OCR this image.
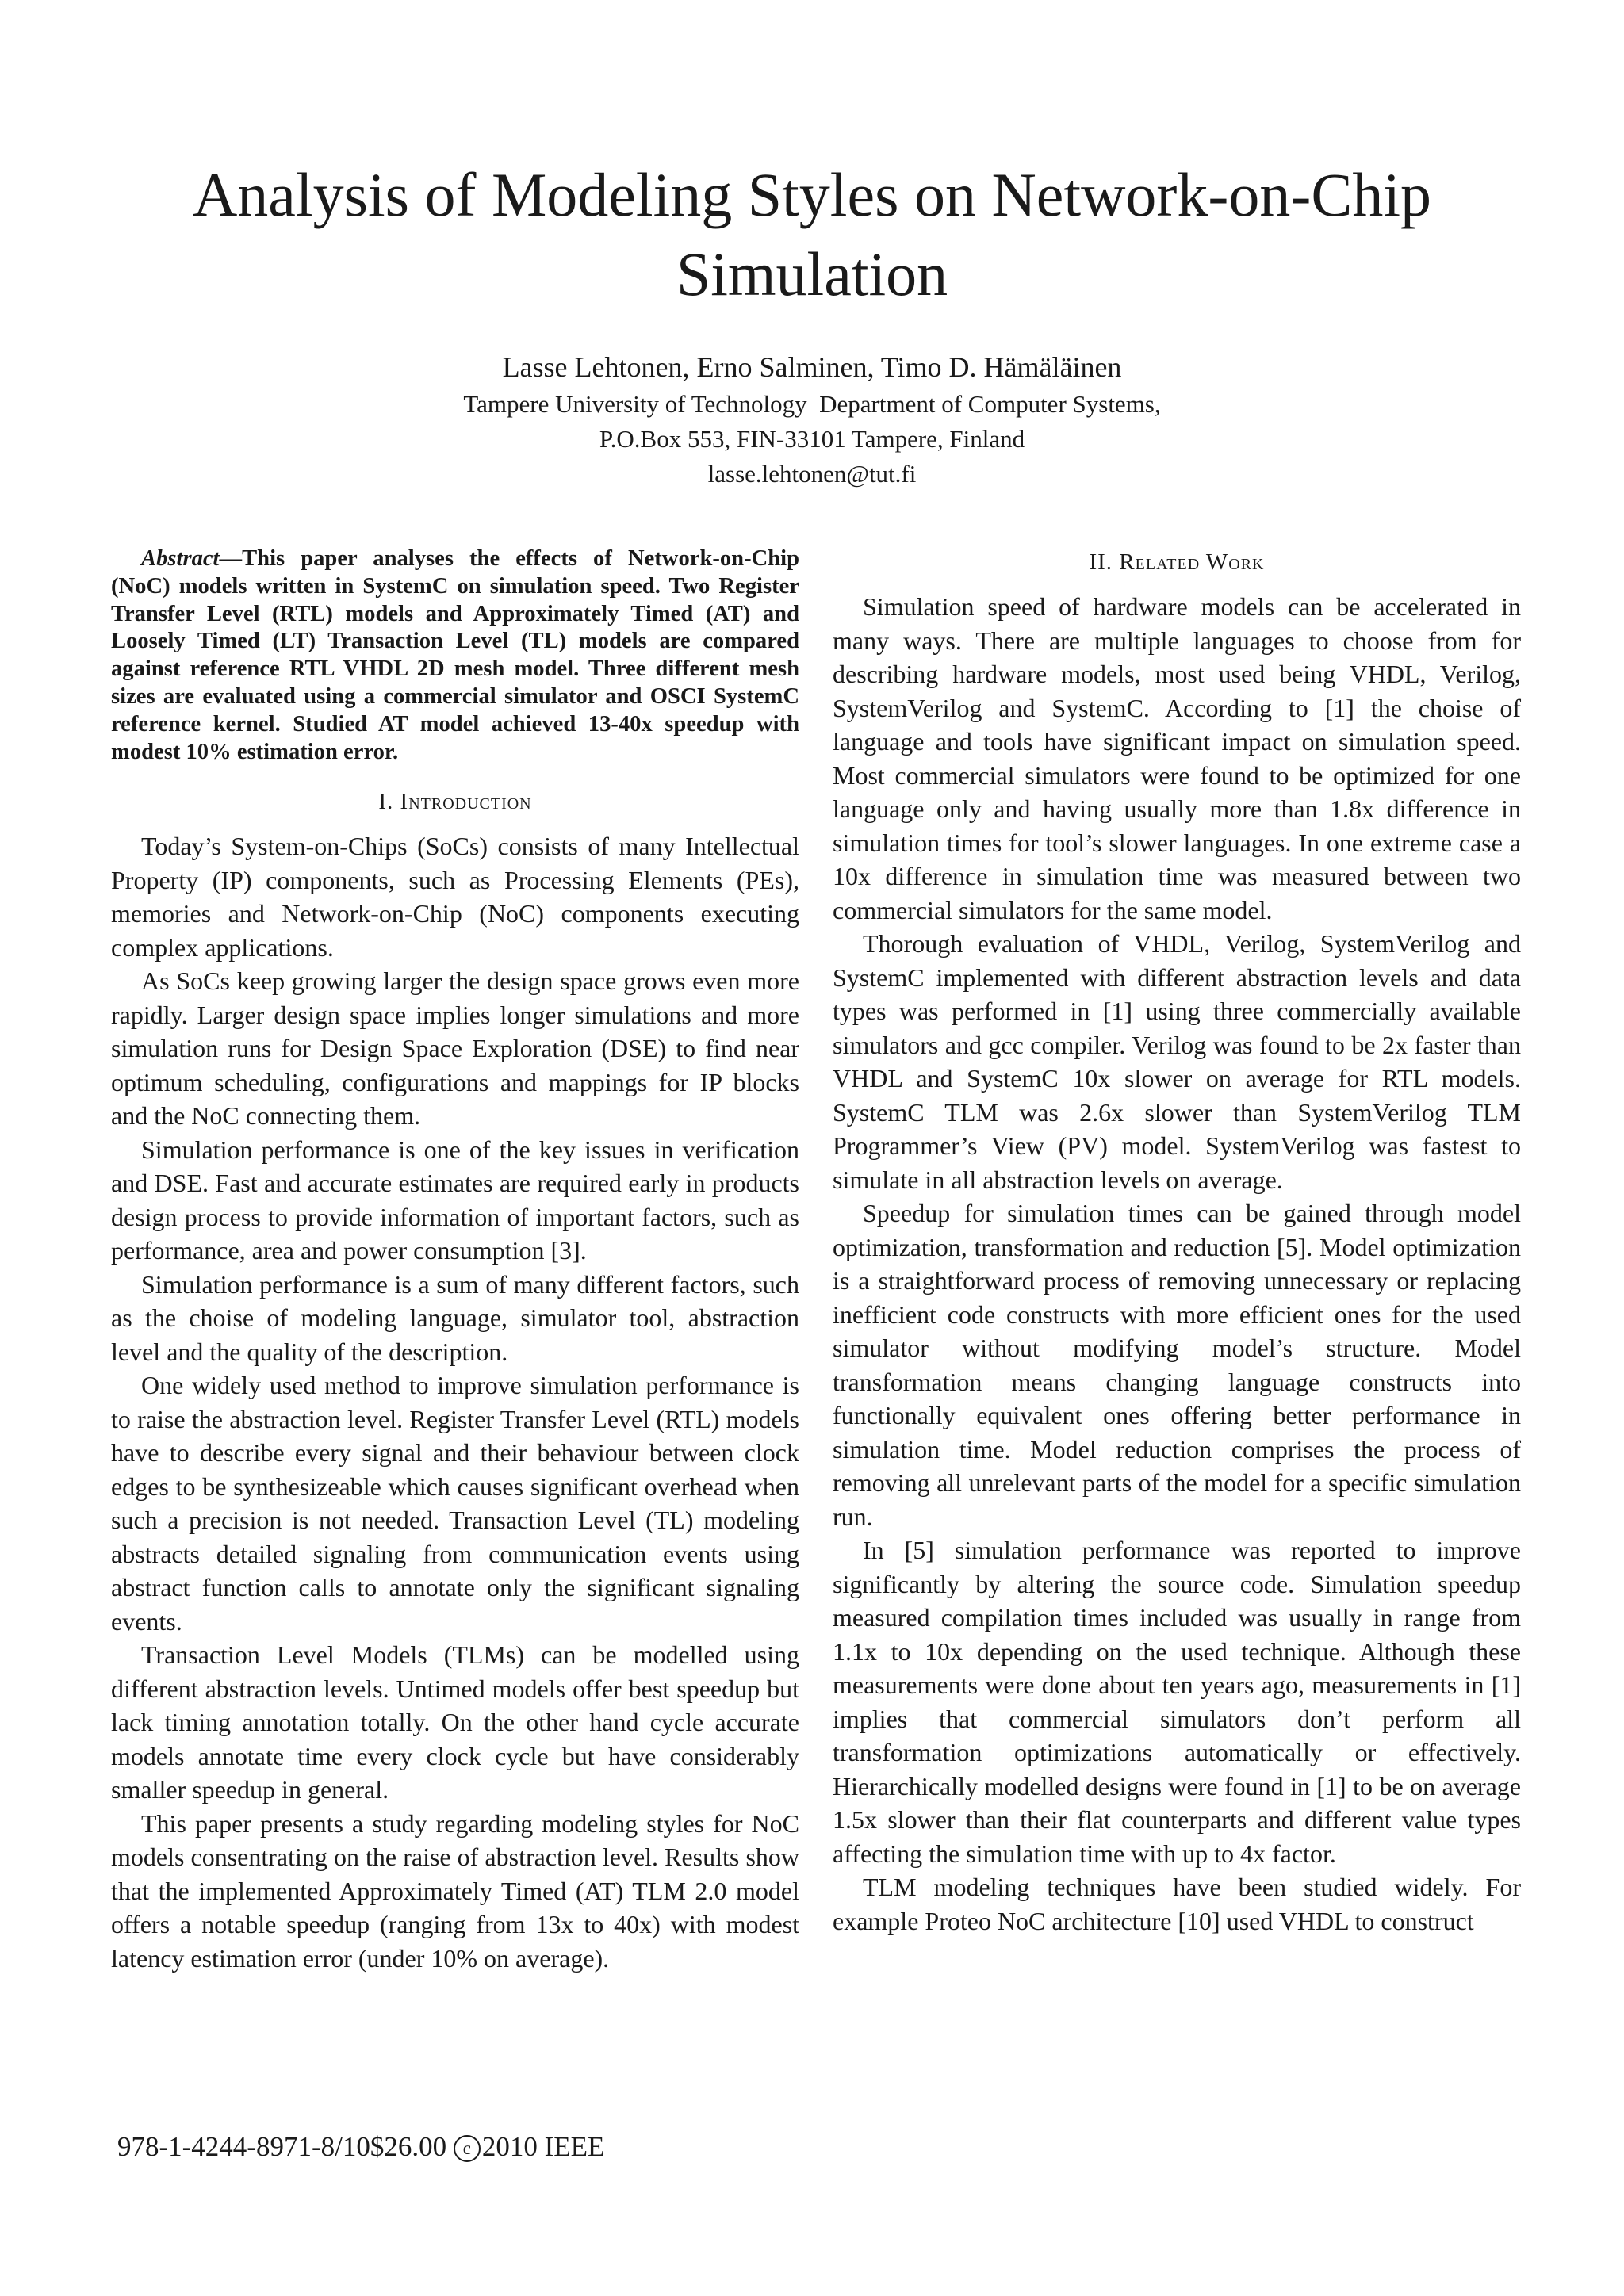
Analysis of Modeling Styles on Network-on-Chip Simulation
Lasse Lehtonen, Erno Salminen, Timo D. Hämäläinen
Tampere University of Technology  Department of Computer Systems,
P.O.Box 553, FIN-33101 Tampere, Finland
lasse.lehtonen@tut.fi

Abstract—This paper analyses the effects of Network-on-Chip (NoC) models written in SystemC on simulation speed. Two Register Transfer Level (RTL) models and Approximately Timed (AT) and Loosely Timed (LT) Transaction Level (TL) models are compared against reference RTL VHDL 2D mesh model. Three different mesh sizes are evaluated using a commercial simulator and OSCI SystemC reference kernel. Studied AT model achieved 13-40x speedup with modest 10% estimation error.

I. Introduction

Today’s System-on-Chips (SoCs) consists of many Intellectual Property (IP) components, such as Processing Elements (PEs), memories and Network-on-Chip (NoC) components executing complex applications.

As SoCs keep growing larger the design space grows even more rapidly. Larger design space implies longer simulations and more simulation runs for Design Space Exploration (DSE) to find near optimum scheduling, configurations and mappings for IP blocks and the NoC connecting them.

Simulation performance is one of the key issues in verification and DSE. Fast and accurate estimates are required early in products design process to provide information of important factors, such as performance, area and power consumption [3].

Simulation performance is a sum of many different factors, such as the choise of modeling language, simulator tool, abstraction level and the quality of the description.

One widely used method to improve simulation performance is to raise the abstraction level. Register Transfer Level (RTL) models have to describe every signal and their behaviour between clock edges to be synthesizeable which causes significant overhead when such a precision is not needed. Transaction Level (TL) modeling abstracts detailed signaling from communication events using abstract function calls to annotate only the significant signaling events.

Transaction Level Models (TLMs) can be modelled using different abstraction levels. Untimed models offer best speedup but lack timing annotation totally. On the other hand cycle accurate models annotate time every clock cycle but have considerably smaller speedup in general.

This paper presents a study regarding modeling styles for NoC models consentrating on the raise of abstraction level. Results show that the implemented Approximately Timed (AT) TLM 2.0 model offers a notable speedup (ranging from 13x to 40x) with modest latency estimation error (under 10% on average).

II. Related Work

Simulation speed of hardware models can be accelerated in many ways. There are multiple languages to choose from for describing hardware models, most used being VHDL, Verilog, SystemVerilog and SystemC. According to [1] the choise of language and tools have significant impact on simulation speed. Most commercial simulators were found to be optimized for one language only and having usually more than 1.8x difference in simulation times for tool’s slower languages. In one extreme case a 10x difference in simulation time was measured between two commercial simulators for the same model.

Thorough evaluation of VHDL, Verilog, SystemVerilog and SystemC implemented with different abstraction levels and data types was performed in [1] using three commercially available simulators and gcc compiler. Verilog was found to be 2x faster than VHDL and SystemC 10x slower on average for RTL models. SystemC TLM was 2.6x slower than SystemVerilog TLM Programmer’s View (PV) model. SystemVerilog was fastest to simulate in all abstraction levels on average.

Speedup for simulation times can be gained through model optimization, transformation and reduction [5]. Model optimization is a straightforward process of removing unnecessary or replacing inefficient code constructs with more efficient ones for the used simulator without modifying model’s structure. Model transformation means changing language constructs into functionally equivalent ones offering better performance in simulation time. Model reduction comprises the process of removing all unrelevant parts of the model for a specific simulation run.

In [5] simulation performance was reported to improve significantly by altering the source code. Simulation speedup measured compilation times included was usually in range from 1.1x to 10x depending on the used technique. Although these measurements were done about ten years ago, measurements in [1] implies that commercial simulators don’t perform all transformation optimizations automatically or effectively. Hierarchically modelled designs were found in [1] to be on average 1.5x slower than their flat counterparts and different value types affecting the simulation time with up to 4x factor.

TLM modeling techniques have been studied widely. For example Proteo NoC architecture [10] used VHDL to construct

978-1-4244-8971-8/10$26.00 c 2010 IEEE
